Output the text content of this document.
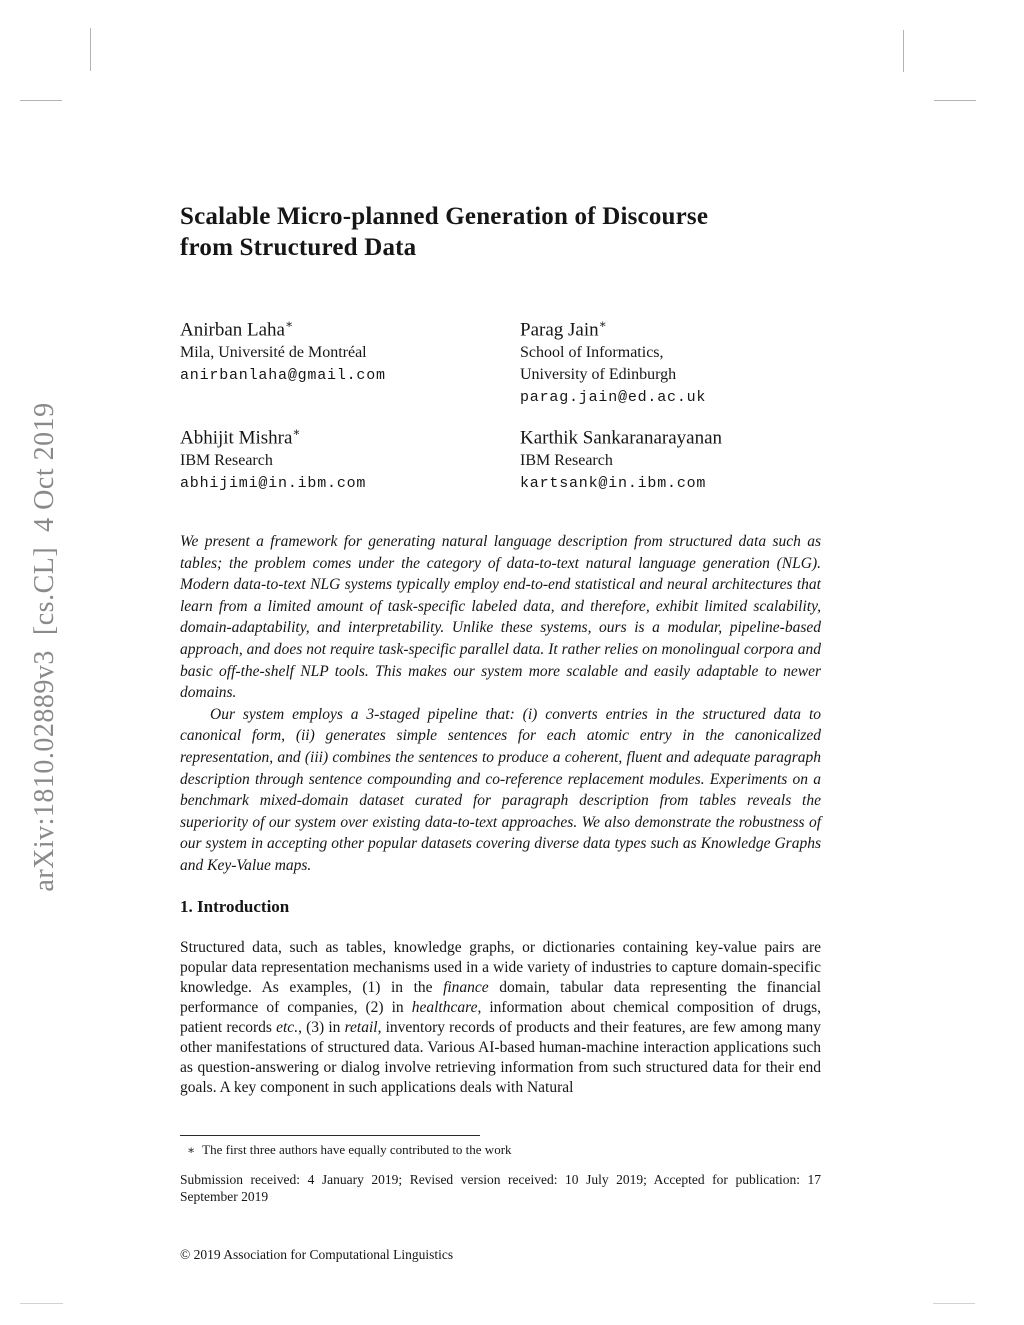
arXiv:1810.02889v3  [cs.CL]  4 Oct 2019
Scalable Micro-planned Generation of Discourse
from Structured Data
Anirban Laha∗
Mila, Université de Montréal
anirbanlaha@gmail.com
Parag Jain∗
School of Informatics,
University of Edinburgh
parag.jain@ed.ac.uk
Abhijit Mishra∗
IBM Research
abhijimi@in.ibm.com
Karthik Sankaranarayanan
IBM Research
kartsank@in.ibm.com

We present a framework for generating natural language description from structured data such as tables; the problem comes under the category of data-to-text natural language generation (NLG). Modern data-to-text NLG systems typically employ end-to-end statistical and neural architectures that learn from a limited amount of task-specific labeled data, and therefore, exhibit limited scalability, domain-adaptability, and interpretability. Unlike these systems, ours is a modular, pipeline-based approach, and does not require task-specific parallel data. It rather relies on monolingual corpora and basic off-the-shelf NLP tools. This makes our system more scalable and easily adaptable to newer domains.

Our system employs a 3-staged pipeline that: (i) converts entries in the structured data to canonical form, (ii) generates simple sentences for each atomic entry in the canonicalized representation, and (iii) combines the sentences to produce a coherent, fluent and adequate paragraph description through sentence compounding and co-reference replacement modules. Experiments on a benchmark mixed-domain dataset curated for paragraph description from tables reveals the superiority of our system over existing data-to-text approaches. We also demonstrate the robustness of our system in accepting other popular datasets covering diverse data types such as Knowledge Graphs and Key-Value maps.

1. Introduction
Structured data, such as tables, knowledge graphs, or dictionaries containing key-value pairs are popular data representation mechanisms used in a wide variety of industries to capture domain-specific knowledge. As examples, (1) in the finance domain, tabular data representing the financial performance of companies, (2) in healthcare, information about chemical composition of drugs, patient records etc., (3) in retail, inventory records of products and their features, are few among many other manifestations of structured data. Various AI-based human-machine interaction applications such as question-answering or dialog involve retrieving information from such structured data for their end goals. A key component in such applications deals with Natural
∗ The first three authors have equally contributed to the work
Submission received: 4 January 2019; Revised version received: 10 July 2019; Accepted for publication: 17 September 2019
© 2019 Association for Computational Linguistics
